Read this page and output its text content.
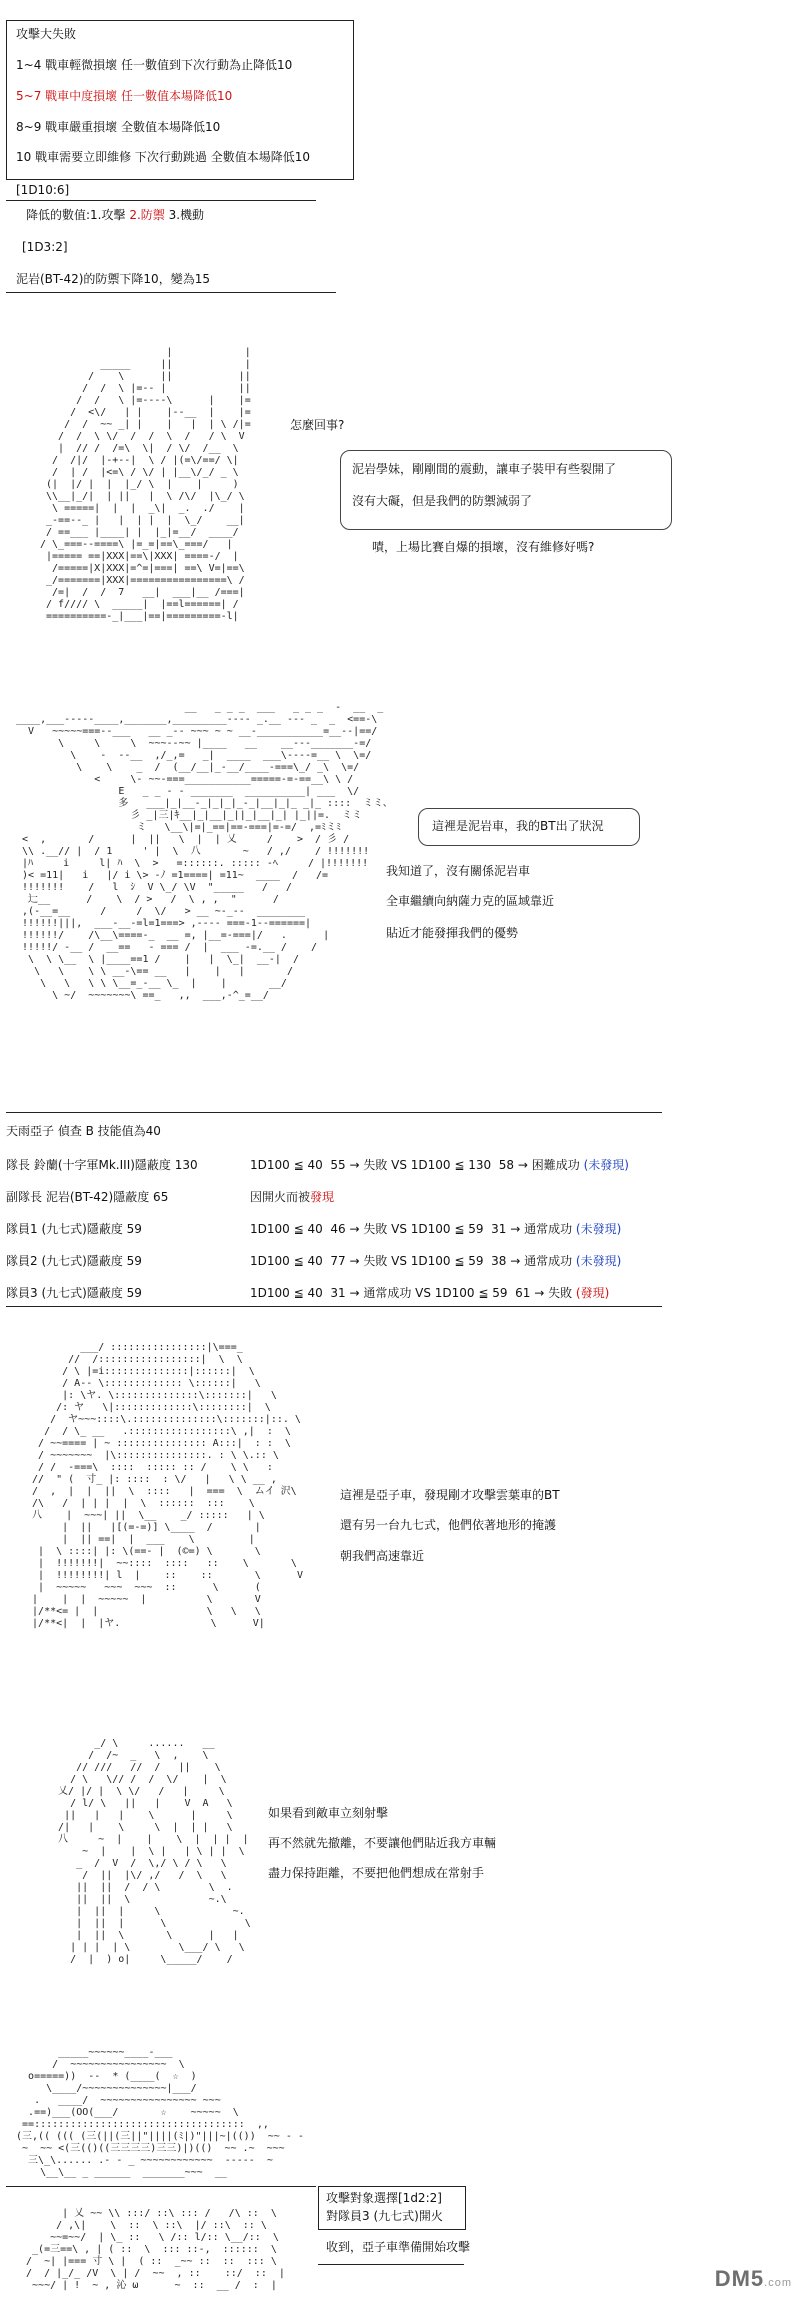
攻擊大失敗
1~4 戰車輕微損壞 任一數值到下次行動為止降低10
5~7 戰車中度損壞 任一數值本場降低10
8~9 戰車嚴重損壞 全數值本場降低10
10 戰車需要立即維修 下次行動跳過 全數值本場降低10
[1D10:6]
降低的數值:1.攻擊 2.防禦 3.機動
[1D3:2]
泥岩(BT-42)的防禦下降10，變為15

|            |
_____     ||            |
/    \      ||           ||
/  /  \ |=-- |            ||
/  /   \ |=----\      |    |=
/  <\/   | |    |--__  |    |=
/  /  ~~ _| |    |   |  | \ /|=
/  /  \ \/  /  /  \  /   / \  V
|  // /  /=\  \|  / \/  /__  \
/  /|/  |-+--|  \ / |(=\/==/ \|
/  | /  |<=\ / \/ | |__\/_/ _ \
(|  |/ |  |  |_/ \  |    |     )
\\__|_/|  | ||   |  \ /\/  |\_/ \
\ =====|  |  |  _\|  _.  ./    |
_-==--_ |   |  | |  |  \_/    __|
/ ==___ |____| |  |_|=__/  ____/
/ \_===--====\ |=_=|==\_===/   |
|===== ==|XXX|==\|XXX| ====-/  |
/=====|X|XXX|=^=|===| ==\ V=|==\
_/=======|XXX|================\ /
/=|  /  /  7   __|  ___|__ /===|
/ f//// \  _____|  |==l======| /
==========-_|___|==|=========-l|

怎麼回事?
泥岩學妹，剛剛間的震動，讓車子裝甲有些裂開了
沒有大礙，但是我們的防禦減弱了
嘖，上場比賽自爆的損壞，沒有維修好嗎?

__   _ _ _  ___   _ _ _  -  __  _
____,___-----____,_______,_________---- _.__ --- _  _  <==-\
V   ~~~~~===--___   __ _-- ~~~ ~ ~ __-___________=__--|==/
\     \     \  ~~~--~~ |____   __    __---_______-=/
\    -  --__  ,/_,=   _|  ____  ___\----=__ \  \=/
\    \    _  /  (__/__|_-__/____-===\_/ _\  \=/
<     \- ~~-===___________=====-=-==__\ \ /
E   _ _ - - _______  __________| ___  \/
多   ___|_|__-_|_|_|_-_|__|_|_ _|_ ::::  ミミ、
彡 _|三|ｷ__|_|__|_||_|__|_| |_||=.  ミミ
ミ   \__\|=|_==|==-===|=-=/  ,=ﾐミﾐ
<  ,       /      |  ||   \  |  | 乂     /    >  / 彡 /
\\ .__// |  / 1     ' |  \  八       ~   / ,/    / !!!!!!!
|ﾊ     i     l| ﾊ  \  >   =::::::. ::::: -ﾍ     / |!!!!!!!
)< =11|   i   |/ i \> -ﾉ =1====| =11~  ____  /   /=
!!!!!!!    /   l  ｼ  V \_/ \V  "_____   /   /
辷__      /    \  / >   /  \ , ,  "      /
,(-__=__     /     /  \/   > __ ~-_--  ________
!!!!!!|||,  ___-__-=l=1===> ,---- ===-1--======|
!!!!!!/    /\__\====-_  __ =, |__=-===|/   .      |
!!!!!/ -__ /  __==   - === /  |  ___ -=.__ /    /
\  \ \__  \ |____==1 /    |   |  \_|  __-|  /
\   \    \ \ __-\== __   |    |   |       /
\   \   \ \ \__=_-__ \_  |    |       __/
\ ~/  ~~~~~~~\ ==_   ,,  ___,-^_=__/

這裡是泥岩車，我的BT出了狀況
我知道了，沒有關係泥岩車
全車繼續向納薩力克的區域靠近
貼近才能發揮我們的優勢
天雨亞子 偵查 B 技能值為40
隊長 鈴蘭(十字軍Mk.III)隱蔽度 130	1D100 ≦ 40  55 → 失敗 VS 1D100 ≦ 130  58 → 困難成功 (未發現)
副隊長 泥岩(BT-42)隱蔽度 65	因開火而被發現
隊員1 (九七式)隱蔽度 59	1D100 ≦ 40  46 → 失敗 VS 1D100 ≦ 59  31 → 通常成功 (未發現)
隊員2 (九七式)隱蔽度 59	1D100 ≦ 40  77 → 失敗 VS 1D100 ≦ 59  38 → 通常成功 (未發現)
隊員3 (九七式)隱蔽度 59	1D100 ≦ 40  31 → 通常成功 VS 1D100 ≦ 59  61 → 失敗 (發現)

___/ ::::::::::::::::|\===_
//  /:::::::::::::::::|  \  \
/ \ |=i::::::::::::::|::::::|  \
/ A-- \::::::::::::: \::::::|   \
|: \ヤ. \::::::::::::::\:::::::|   \
/: ヤ   \|:::::::::::::\::::::::|  \
/  ヤ~~~::::\.::::::::::::::\:::::::|::. \
/  / \_ __   .:::::::::::::::::\ ,|  :  \
/ ~~==== | ~ ::::::::::::::: A:::|  : :  \
/ ~~~~~~~  |\:::::::::::::::. : \ \.:: \
/ /  -===\  ::::  ::::: :: /    \ \   :
//  " (  寸_ |: ::::  : \/   |   \ \ __ ,
/  ,  |  |  ||  \  ::::   |  ===  \  ムイ 沢\
/\   /  | | |  |  \  ::::::  :::    \
八    |  ~~~| ||  \__    _/ :::::   | \
|  ||   |[(=-=)] \____  /       |
|  || ==|  |  ___    \         |
|  \ ::::| |: \(==- |  (©=) \       \
|  !!!!!!!|  ~~::::  ::::   ::    \       \
|  !!!!!!!!| l  |    ::    ::       \      V
|  ~~~~~   ~~~  ~~~  ::      \      (
|    |  |  ~~~~~  |          \       V
|/**<= |  |                  \   \   \
|/**<|  |  |ヤ.               \      V|

這裡是亞子車，發現剛才攻擊雲葉車的BT
還有另一台九七式，他們依著地形的掩護
朝我們高速靠近

_/ \     ......   __
/  /~  _   \  ,    \
// ///   //  /   ||    \
/ \   \// /  /  \/    |  \
乂/ |/ |  \ \/   /   |     \
/ l/ \   ||   |    V  A   \
||   |   |    \      |     \
/|   |    \     \  |  | |   \
八     ~  |    |    \  |  | |  |
~  |    |  \ |   | \ | |  \
_  /  V  /  \,/ \ / \   \
/  ||  |\/ ,/   /  \   \
||  ||  /  / \        \  .
||  ||  \             ~.\
|  ||  |     \            ~.
|  ||  |      \             \
|  ||  \       \      |   |
| | |  | \        \___/ \   \
/  |  ) o|     \_____/    /

如果看到敵車立刻射擊
再不然就先撤離，不要讓他們貼近我方車輛
盡力保持距離，不要把他們想成在常射手

_____~~~~~~____-___
/  ~~~~~~~~~~~~~~~~  \
o=====))  --  * (____(  ☆  )
\____/~~~~~~~~~~~~~~|___/
.   ____/  ~~~~~~~~~~~~~~~~ ~~~
.==)___(OO(___/       ☆    ~~~~~  \
==:::::::::::::::::::::::::::::::::::  ,,
(三,(( ((( (三(||(三||"||||(ﾐ|)"|||~|(())  ~~ - -
~  ~~ <(三(()((三三三三)三三)|)(()  ~~ .~  ~~~
三\_\...... .- - _ ~~~~~~~~~~~~  -----  ~
\__\__ _ ______  _______~~~  __

攻擊對象選擇[1d2:2]
對隊員3 (九七式)開火

| 乂 ~~ \\ :::/ ::\ ::: /   /\ ::  \
/ ,\|    \  ::  \ ::\  |/ ::\  :: \
~~=~~/  | \_ ::   \ /:: l/:: \__/::  \
_(=三==\ , | ( ::  \  ::: ::-,  ::::::  \
/  ~| |=== 寸 \ |  ( ::  _~~ ::  ::  ::: \
/  / |_/_ /V  \ | /  ~~  , ::    ::/  ::  |
~~~/ | !  ~ , 沁 ω      ~  ::  __ /  :  |

收到，亞子車準備開始攻擊
DM5.com
